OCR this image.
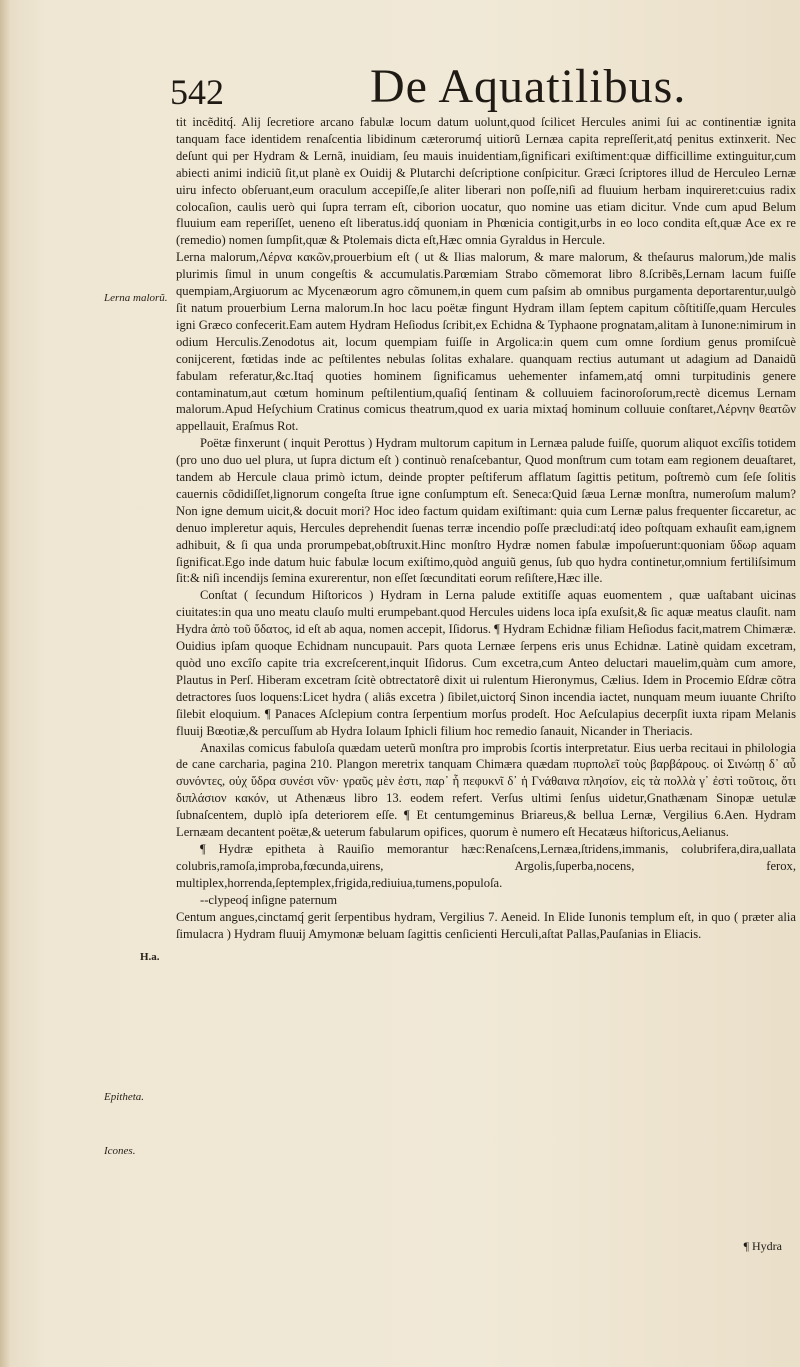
542	De Aquatilibus.
Lerna malorũ.
H.a.
Epitheta.
Icones.

tit incẽditq́. Alij ſecretiore arcano fabulæ locum datum uolunt,quod ſcilicet Hercules animi ſui ac continentiæ ignita tanquam face identidem renaſcentia libidinum cæterorumq́ uitiorũ Lernæa capita repreſſerit,atq́ penitus extinxerit. Nec deſunt qui per Hydram & Lernã, inuidiam, ſeu mauis inuidentiam,ſignificari exiſtiment:quæ difficillime extinguitur,cum abiecti animi indiciũ ſit,ut planè ex Ouidij & Plutarchi deſcriptione conſpicitur. Græci ſcriptores illud de Herculeo Lernæ uiru infecto obſeruant,eum oraculum accepiſſe,ſe aliter liberari non poſſe,niſi ad fluuium herbam inquireret:cuius radix colocaſion, caulis uerò qui ſupra terram eſt, ciborion uocatur, quo nomine uas etiam dicitur. Vnde cum apud Belum fluuium eam reperiſſet, ueneno eſt liberatus.idq́ quoniam in Phœnicia contigit,urbs in eo loco condita eſt,quæ Ace ex re (remedio) nomen ſumpſit,quæ & Ptolemais dicta eſt,Hæc omnia Gyraldus in Hercule.

Lerna malorum,Λέρνα κακῶν,prouerbium eſt ( ut & Ilias malorum, & mare malorum, & theſaurus malorum,)de malis plurimis ſimul in unum congeſtis & accumulatis.Parœmiam Strabo cõmemorat libro 8.ſcribẽs,Lernam lacum fuiſſe quempiam,Argiuorum ac Mycenæorum agro cõmunem,in quem cum paſsim ab omnibus purgamenta deportarentur,uulgò ſit natum prouerbium Lerna malorum.In hoc lacu poëtæ fingunt Hydram illam ſeptem capitum cõſtitiſſe,quam Hercules igni Græco confecerit.Eam autem Hydram Heſiodus ſcribit,ex Echidna & Typhaone prognatam,alitam à Iunone:nimirum in odium Herculis.Zenodotus ait, locum quempiam fuiſſe in Argolica:in quem cum omne ſordium genus promiſcuè conijcerent, fœtidas inde ac peſtilentes nebulas ſolitas exhalare. quanquam rectius autumant ut adagium ad Danaidũ fabulam referatur,&c.Itaq́ quoties hominem ſignificamus uehementer infamem,atq́ omni turpitudinis genere contaminatum,aut cœtum hominum peſtilentium,quaſiq́ ſentinam & colluuiem facinoroſorum,rectè dicemus Lernam malorum.Apud Heſychium Cratinus comicus theatrum,quod ex uaria mixtaq́ hominum colluuie conſtaret,Λέρνην θεατῶν appellauit, Eraſmus Rot.

Poëtæ finxerunt ( inquit Perottus ) Hydram multorum capitum in Lernæa palude fuiſſe, quorum aliquot excîſis totidem (pro uno duo uel plura, ut ſupra dictum eſt ) continuò renaſcebantur, Quod monſtrum cum totam eam regionem deuaſtaret, tandem ab Hercule claua primò ictum, deinde propter peſtiferum afflatum ſagittis petitum, poſtremò cum ſeſe ſolitis cauernis cõdidiſſet,lignorum congeſta ſtrue igne conſumptum eſt. Seneca:Quid ſæua Lernæ monſtra, numeroſum malum? Non igne demum uicit,& docuit mori? Hoc ideo factum quidam exiſtimant: quia cum Lernæ palus frequenter ſiccaretur, ac denuo impleretur aquis, Hercules deprehendit ſuenas terræ incendio poſſe præcludi:atq́ ideo poſtquam exhauſit eam,ignem adhibuit, & ſi qua unda prorumpebat,obſtruxit.Hinc monſtro Hydræ nomen fabulæ impoſuerunt:quoniam ὕδωρ aquam ſignificat.Ego inde datum huic fabulæ locum exiſtimo,quòd anguiũ genus, ſub quo hydra continetur,omnium fertiliſsimum ſit:& niſi incendijs ſemina exurerentur, non eſſet ſœcunditati eorum reſiſtere,Hæc ille.

Conſtat ( ſecundum Hiſtoricos ) Hydram in Lerna palude extitiſſe aquas euomentem , quæ uaſtabant uicinas ciuitates:in qua uno meatu clauſo multi erumpebant.quod Hercules uidens loca ipſa exuſsit,& ſic aquæ meatus clauſit. nam Hydra ἀπὸ τοῦ ὕδατος, id eſt ab aqua, nomen accepit, Iſidorus. ¶ Hydram Echidnæ filiam Heſiodus facit,matrem Chimæræ. Ouidius ipſam quoque Echidnam nuncupauit. Pars quota Lernæe ſerpens eris unus Echidnæ. Latinè quidam excetram, quòd uno excîſo capite tria excreſcerent,inquit Iſidorus. Cum excetra,cum Anteo deluctari mauelim,quàm cum amore, Plautus in Perſ. Hiberam excetram ſcitè obtrectatorê dixit ui rulentum Hieronymus, Cælius. Idem in Procemio Eſdræ cõtra detractores ſuos loquens:Licet hydra ( aliâs excetra ) ſibilet,uictorq́ Sinon incendia iactet, nunquam meum iuuante Chriſto ſilebit eloquium. ¶ Panaces Aſclepium contra ſerpentium morſus prodeſt. Hoc Aeſculapius decerpſit iuxta ripam Melanis fluuij Bœotiæ,& percuſſum ab Hydra Iolaum Iphicli filium hoc remedio ſanauit, Nicander in Theriacis.

Anaxilas comicus fabuloſa quædam ueterũ monſtra pro improbis ſcortis interpretatur. Eius uerba recitaui in philologia de cane carcharia, pagina 210. Plangon meretrix tanquam Chimæra quædam πυρπολεῖ τοὺς βαρβάρους. οἱ Σινώπῃ δ᾽ αὖ συνόντες, οὐχ ὕδρα συνέσι νῦν· γραῦς μὲν ἐστι, παρ᾽ ἧ πεφυκνῖ δ᾽ ἡ Γνάθαινα πλησίον, εἰς τὰ πολλὰ γ᾽ ἐστὶ τοῦτοις, ὅτι διπλάσιον κακόν, ut Athenæus libro 13. eodem refert. Verſus ultimi ſenſus uidetur,Gnathænam Sinopæ uetulæ ſubnaſcentem, duplò ipſa deteriorem eſſe. ¶ Et centumgeminus Briareus,& bellua Lernæ, Vergilius 6.Aen. Hydram Lernæam decantent poëtæ,& ueterum fabularum opifices, quorum è numero eſt Hecatæus hiſtoricus,Aelianus.

¶ Hydræ epitheta à Rauiſio memorantur hæc:Renaſcens,Lernæa,ſtridens,immanis, colubrifera,dira,uallata colubris,ramoſa,improba,fœcunda,uirens, Argolis,ſuperba,nocens, ferox, multiplex,horrenda,ſeptemplex,frigida,rediuiua,tumens,populoſa.

--clypeoq́ inſigne paternum

Centum angues,cinctamq́ gerit ſerpentibus hydram, Vergilius 7. Aeneid. In Elide Iunonis templum eſt, in quo ( præter alia ſimulacra ) Hydram fluuij Amymonæ beluam ſagittis cenſicienti Herculi,aſtat Pallas,Pauſanias in Eliacis.

¶ Hydra
